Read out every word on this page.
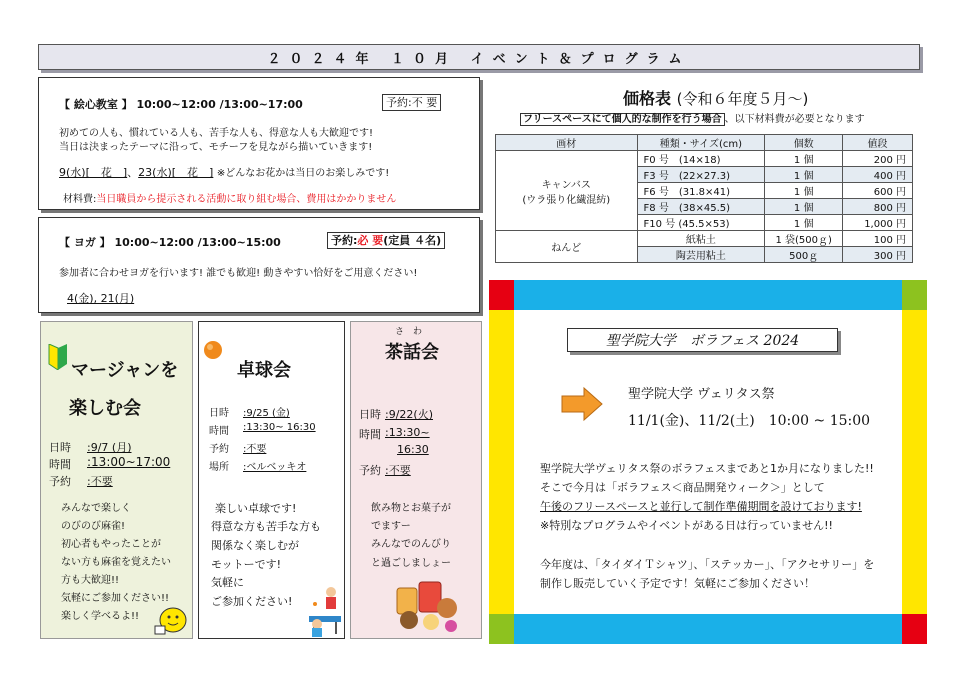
２０２４年 １０月 イベント＆プログラム
【 絵心教室 】 10:00~12:00 /13:00~17:00	予約:不 要
初めての人も、慣れている人も、苦手な人も、得意な人も大歓迎です!
当日は決まったテーマに沿って、モチーフを見ながら描いていきます!
9(水)[　花　]、23(水)[　花　] ※どんなお花かは当日のお楽しみです!
材料費:当日職員から提示される活動に取り組む場合、費用はかかりません
【 ヨガ 】 10:00~12:00 /13:00~15:00	予約:必 要(定員 ４名)
参加者に合わせヨガを行います! 誰でも歓迎! 動きやすい恰好をご用意ください!
4(金), 21(月)
価格表 (令和６年度５月～)
フリースペースにて個人的な制作を行う場合 、以下材料費が必要となります
画材	種類・サイズ(cm)	個数	値段

キャンバス
(ウラ張り化繊混紡)	F0 号　(14×18)	1 個	200 円
	F3 号　(22×27.3)	1 個	400 円
	F6 号　(31.8×41)	1 個	600 円
	F8 号　(38×45.5)	1 個	800 円
	F10 号 (45.5×53)	1 個	1,000 円
ねんど	紙粘土	1 袋(500ｇ)	100 円
	陶芸用粘土	500ｇ	300 円
マージャンを
楽しむ会
日時 :9/7 (月)
時間 :13:00~17:00
予約 :不要
みんなで楽しく
のびのび麻雀!
初心者もやったことが
ない方も麻雀を覚えたい
方も大歓迎!!
気軽にご参加ください!!
楽しく学べるよ!!
卓球会
日時 :9/25 (金)
時間 :13:30~ 16:30
予約 :不要
場所 :ベルベッキオ
楽しい卓球です!
得意な方も苦手な方も
関係なく楽しむが
モットーです!
気軽に
ご参加ください!
さ　わ
茶話会
日時 :9/22(火)
時間 :13:30~
16:30
予約 :不要
飲み物とお菓子が
でますー
みんなでのんびり
と過ごしましょー
聖学院大学　ボラフェス 2024
聖学院大学 ヴェリタス祭
11/1(金)、11/2(土)　10:00 ~ 15:00
聖学院大学ヴェリタス祭のボラフェスまであと1か月になりました!!
そこで今月は「ボラフェス＜商品開発ウィーク＞」として
午後のフリースペースと並行して制作準備期間を設けております!
※特別なプログラムやイベントがある日は行っていません!!
今年度は、「タイダイＴシャツ」、「ステッカー」、「アクセサリー」を
制作し販売していく予定です！気軽にご参加ください！
